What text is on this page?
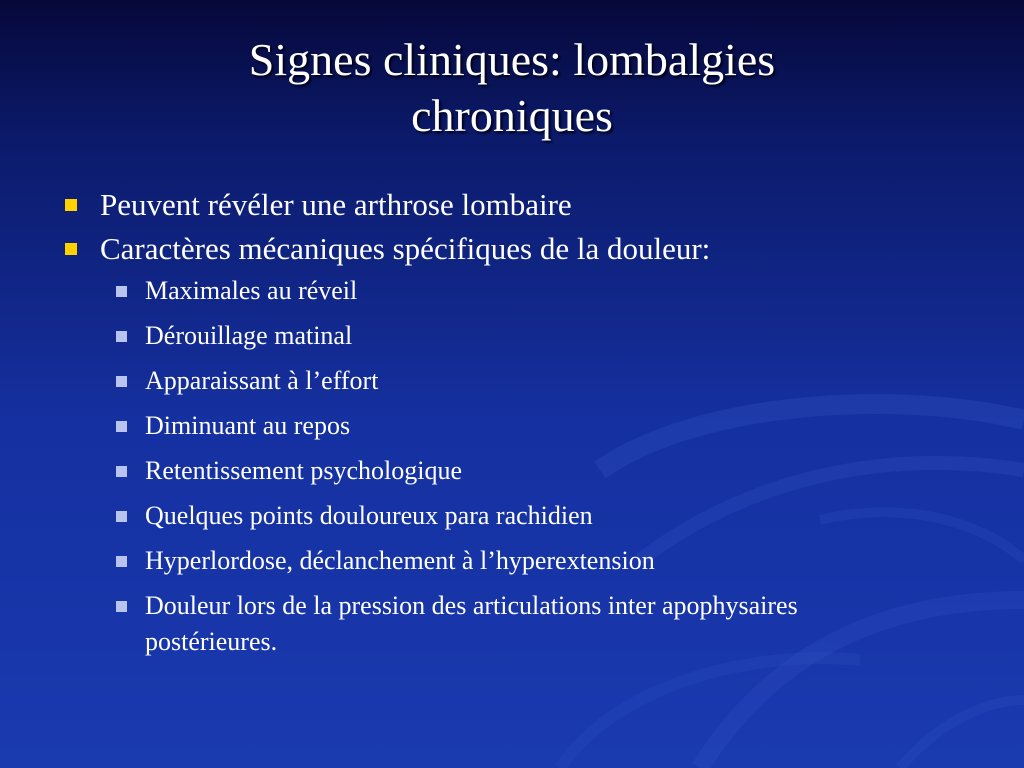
Signes cliniques: lombalgies
chroniques
Peuvent révéler une arthrose lombaire
Caractères mécaniques spécifiques de la douleur:
Maximales au réveil
Dérouillage matinal
Apparaissant à l’effort
Diminuant au repos
Retentissement psychologique
Quelques points douloureux para rachidien
Hyperlordose, déclanchement à l’hyperextension
Douleur lors de la pression des articulations inter apophysaires postérieures.
